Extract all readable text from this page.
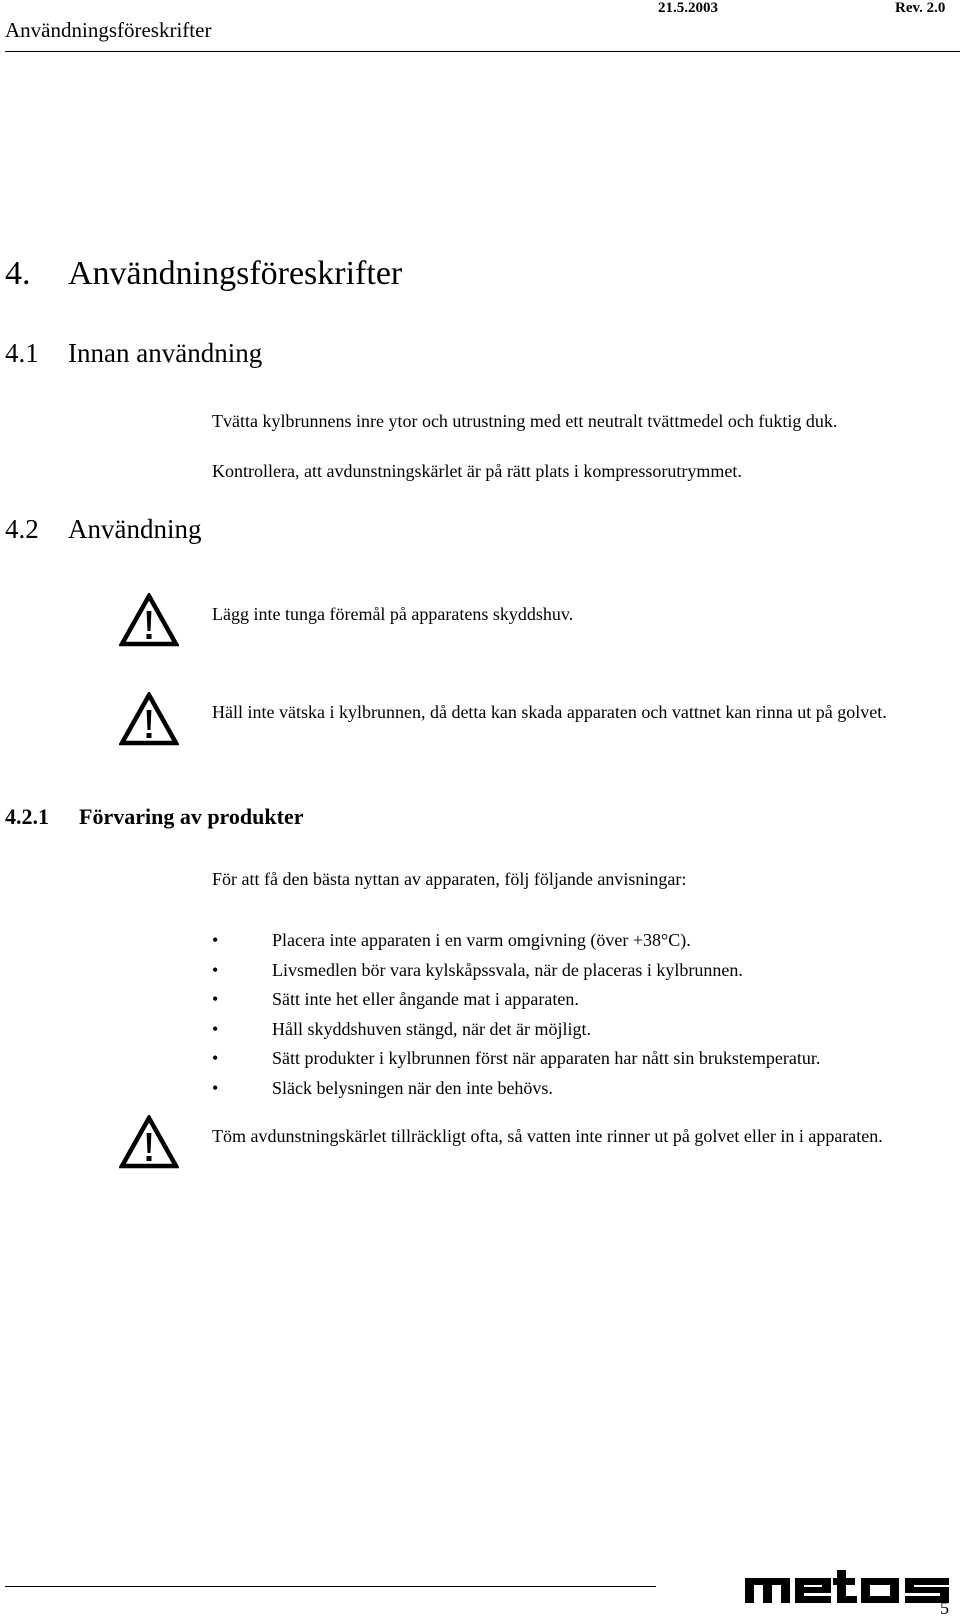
Användningsföreskrifter
21.5.2003	Rev. 2.0
4. Användningsföreskrifter
4.1 Innan användning
Tvätta kylbrunnens inre ytor och utrustning med ett neutralt tvättmedel och fuktig duk.
Kontrollera, att avdunstningskärlet är på rätt plats i kompressorutrymmet.
4.2 Användning
Lägg inte tunga föremål på apparatens skyddshuv.
Häll inte vätska i kylbrunnen, då detta kan skada apparaten och vattnet kan rinna ut på golvet.
4.2.1 Förvaring av produkter
För att få den bästa nyttan av apparaten, följ följande anvisningar:
•	Placera inte apparaten i en varm omgivning (över +38°C).
•	Livsmedlen bör vara kylskåpssvala, när de placeras i kylbrunnen.
•	Sätt inte het eller ångande mat i apparaten.
•	Håll skyddshuven stängd, när det är möjligt.
•	Sätt produkter i kylbrunnen först när apparaten har nått sin brukstemperatur.
•	Släck belysningen när den inte behövs.
Töm avdunstningskärlet tillräckligt ofta, så vatten inte rinner ut på golvet eller in i apparaten.
5
